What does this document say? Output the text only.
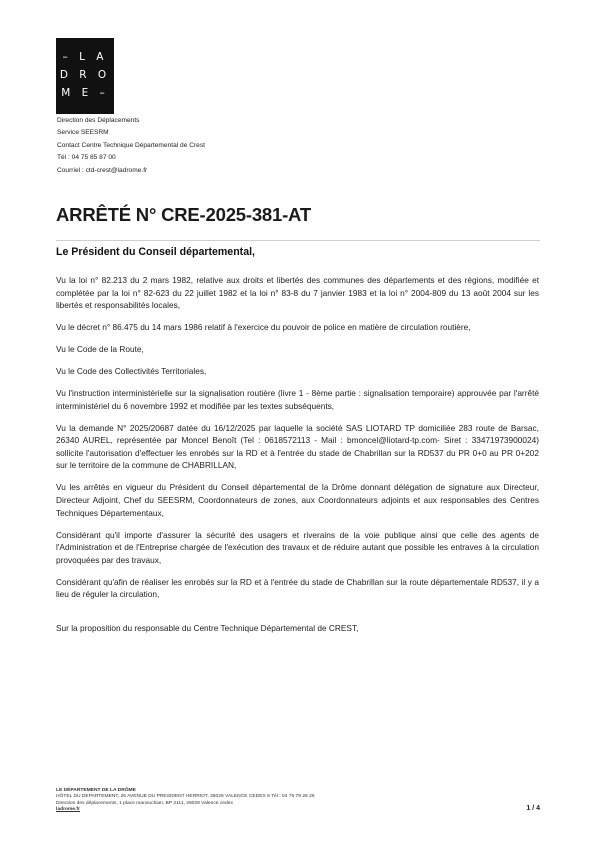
– L A
D R O
M E –
Direction des Déplacements
Service SEESRM
Contact Centre Technique Départemental de Crest
Tél : 04 75 85 87 00
Courriel : ctd-crest@ladrome.fr
ARRÊTÉ N° CRE-2025-381-AT
Le Président du Conseil départemental,
Vu la loi n° 82.213 du 2 mars 1982, relative aux droits et libertés des communes des départements et des régions, modifiée et complétée par la loi n° 82-623 du 22 juillet 1982 et la loi n° 83-8 du 7 janvier 1983 et la loi n° 2004-809 du 13 août 2004 sur les libertés et responsabilités locales,
Vu le décret n° 86.475 du 14 mars 1986 relatif à l'exercice du pouvoir de police en matière de circulation routière,
Vu le Code de la Route,
Vu le Code des Collectivités Territoriales,
Vu l'instruction interministérielle sur la signalisation routière (livre 1 - 8ème partie : signalisation temporaire) approuvée par l'arrêté interministériel du 6 novembre 1992 et modifiée par les textes subséquents,
Vu la demande N° 2025/20687 datée du 16/12/2025 par laquelle la société SAS LIOTARD TP domiciliée 283 route de Barsac, 26340 AUREL, représentée par Moncel Benoît (Tel : 0618572113 - Mail : bmoncel@liotard-tp.com- Siret : 33471973900024) sollicite l'autorisation d'effectuer les enrobés sur la RD et à l'entrée du stade de Chabrillan sur la RD537 du PR 0+0 au PR 0+202 sur le territoire de la commune de CHABRILLAN,
Vu les arrêtés en vigueur du Président du Conseil départemental de la Drôme donnant délégation de signature aux Directeur, Directeur Adjoint, Chef du SEESRM, Coordonnateurs de zones, aux Coordonnateurs adjoints et aux responsables des Centres Techniques Départementaux,
Considérant qu'il importe d'assurer la sécurité des usagers et riverains de la voie publique ainsi que celle des agents de l'Administration et de l'Entreprise chargée de l'exécution des travaux et de réduire autant que possible les entraves à la circulation provoquées par des travaux,
Considérant qu'afin de réaliser les enrobés sur la RD et à l'entrée du stade de Chabrillan sur la route départementale RD537, il y a lieu de réguler la circulation,
Sur la proposition du responsable du Centre Technique Départemental de CREST,
LE DÉPARTEMENT DE LA DRÔME
HÔTEL DU DEPARTEMENT, 26 AVENUE DU PRESIDENT HERRIOT, 26026 VALENCE CEDEX 9 Tél : 04 75 79 26 26
Direction des déplacements, 1 place manouchian, BP 2111, 26028 Valence cedex
ladrome.fr	1 / 4
